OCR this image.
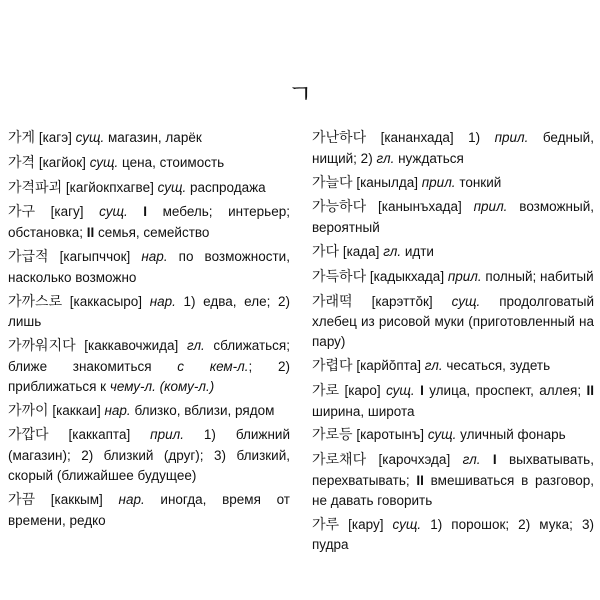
ㄱ
가게 [кагэ] сущ. магазин, ларёк
가격 [кагйок] сущ. цена, стоимость
가격파괴 [кагйокпхагве] сущ. распродажа
가구 [кагу] сущ. I мебель; интерьер; обстановка; II семья, семейство
가급적 [кагыпччок] нар. по возможности, насколько возможно
가까스로 [каккасыро] нар. 1) едва, еле; 2) лишь
가까워지다 [каккавочжида] гл. сближаться; ближе знакомиться с кем-л.; 2) приближаться к чему-л. (кому-л.)
가까이 [каккаи] нар. близко, вблизи, рядом
가깝다 [каккапта] прил. 1) ближний (магазин); 2) близкий (друг); 3) близкий, скорый (ближайшее будущее)
가끔 [каккым] нар. иногда, время от времени, редко
가난하다 [кананхада] 1) прил. бедный, нищий; 2) гл. нуждаться
가늘다 [канылда] прил. тонкий
가능하다 [канынъхада] прил. возможный, вероятный
가다 [када] гл. идти
가득하다 [кадыкхада] прил. полный; набитый
가래떡 [карэттŏк] сущ. продолговатый хлебец из рисовой муки (приготовленный на пару)
가렵다 [карйŏпта] гл. чесаться, зудеть
가로 [каро] сущ. I улица, проспект, аллея; II ширина, широта
가로등 [каротынъ] сущ. уличный фонарь
가로채다 [карочхэда] гл. I выхватывать, перехватывать; II вмешиваться в разговор, не давать говорить
가루 [кару] сущ. 1) порошок; 2) мука; 3) пудра
